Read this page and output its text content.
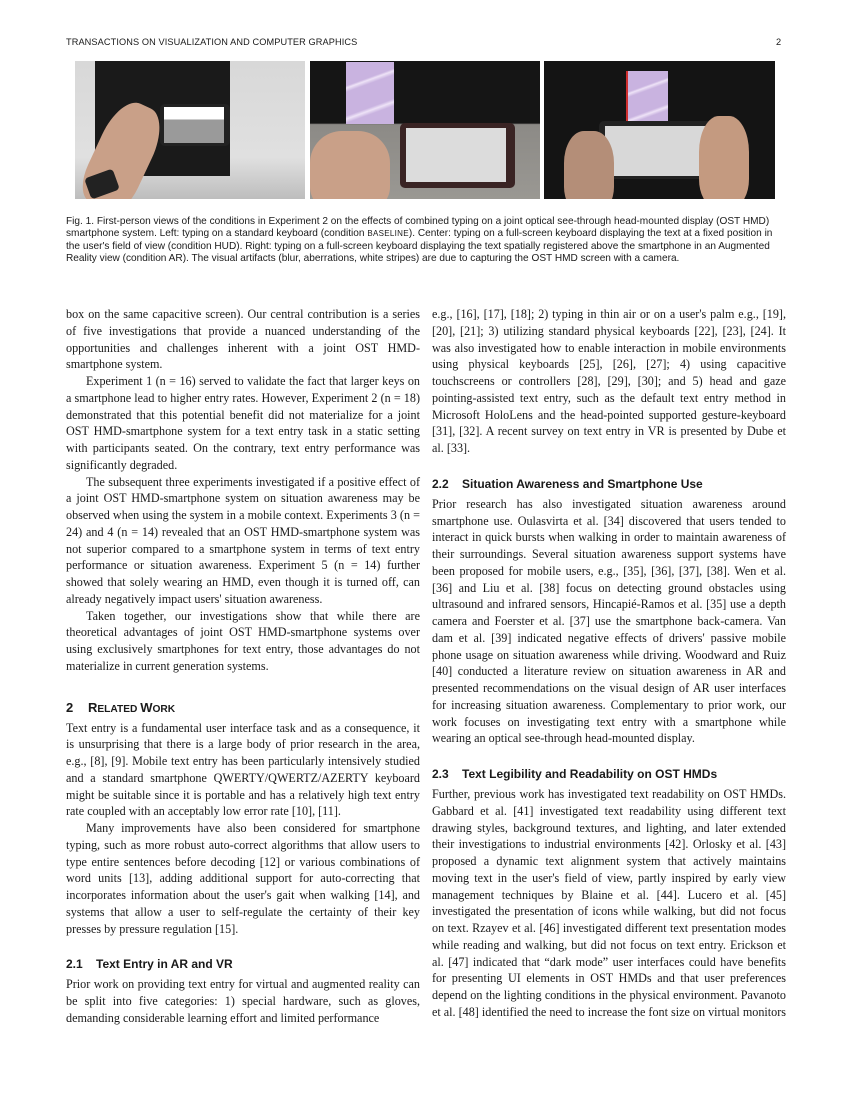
TRANSACTIONS ON VISUALIZATION AND COMPUTER GRAPHICS	2
Fig. 1. First-person views of the conditions in Experiment 2 on the effects of combined typing on a joint optical see-through head-mounted display (OST HMD) smartphone system. Left: typing on a standard keyboard (condition BASELINE). Center: typing on a full-screen keyboard displaying the text at a fixed position in the user's field of view (condition HUD). Right: typing on a full-screen keyboard displaying the text spatially registered above the smartphone in an Augmented Reality view (condition AR). The visual artifacts (blur, aberrations, white stripes) are due to capturing the OST HMD screen with a camera.

box on the same capacitive screen). Our central contribution is a series of five investigations that provide a nuanced understanding of the opportunities and challenges inherent with a joint OST HMD-smartphone system.

Experiment 1 (n = 16) served to validate the fact that larger keys on a smartphone lead to higher entry rates. However, Experiment 2 (n = 18) demonstrated that this potential benefit did not materialize for a joint OST HMD-smartphone system for a text entry task in a static setting with participants seated. On the contrary, text entry performance was significantly degraded.

The subsequent three experiments investigated if a positive effect of a joint OST HMD-smartphone system on situation awareness may be observed when using the system in a mobile context. Experiments 3 (n = 24) and 4 (n = 14) revealed that an OST HMD-smartphone system was not superior compared to a smartphone system in terms of text entry performance or situation awareness. Experiment 5 (n = 14) further showed that solely wearing an HMD, even though it is turned off, can already negatively impact users' situation awareness.

Taken together, our investigations show that while there are theoretical advantages of joint OST HMD-smartphone systems over using exclusively smartphones for text entry, those advantages do not materialize in current generation systems.

2 RELATED WORK

Text entry is a fundamental user interface task and as a consequence, it is unsurprising that there is a large body of prior research in the area, e.g., [8], [9]. Mobile text entry has been particularly intensively studied and a standard smartphone QWERTY/QWERTZ/AZERTY keyboard might be suitable since it is portable and has a relatively high text entry rate coupled with an acceptably low error rate [10], [11].

Many improvements have also been considered for smartphone typing, such as more robust auto-correct algorithms that allow users to type entire sentences before decoding [12] or various combinations of word units [13], adding additional support for auto-correcting that incorporates information about the user's gait when walking [14], and systems that allow a user to self-regulate the certainty of their key presses by pressure regulation [15].

2.1 Text Entry in AR and VR

Prior work on providing text entry for virtual and augmented reality can be split into five categories: 1) special hardware, such as gloves, demanding considerable learning effort and limited performance

e.g., [16], [17], [18]; 2) typing in thin air or on a user's palm e.g., [19], [20], [21]; 3) utilizing standard physical keyboards [22], [23], [24]. It was also investigated how to enable interaction in mobile environments using physical keyboards [25], [26], [27]; 4) using capacitive touchscreens or controllers [28], [29], [30]; and 5) head and gaze pointing-assisted text entry, such as the default text entry method in Microsoft HoloLens and the head-pointed supported gesture-keyboard [31], [32]. A recent survey on text entry in VR is presented by Dube et al. [33].

2.2 Situation Awareness and Smartphone Use

Prior research has also investigated situation awareness around smartphone use. Oulasvirta et al. [34] discovered that users tended to interact in quick bursts when walking in order to maintain awareness of their surroundings. Several situation awareness support systems have been proposed for mobile users, e.g., [35], [36], [37], [38]. Wen et al. [36] and Liu et al. [38] focus on detecting ground obstacles using ultrasound and infrared sensors, Hincapié-Ramos et al. [35] use a depth camera and Foerster et al. [37] use the smartphone back-camera. Van dam et al. [39] indicated negative effects of drivers' passive mobile phone usage on situation awareness while driving. Woodward and Ruiz [40] conducted a literature review on situation awareness in AR and presented recommendations on the visual design of AR user interfaces for increasing situation awareness. Complementary to prior work, our work focuses on investigating text entry with a smartphone while wearing an optical see-through head-mounted display.

2.3 Text Legibility and Readability on OST HMDs

Further, previous work has investigated text readability on OST HMDs. Gabbard et al. [41] investigated text readability using different text drawing styles, background textures, and lighting, and later extended their investigations to industrial environments [42]. Orlosky et al. [43] proposed a dynamic text alignment system that actively maintains moving text in the user's field of view, partly inspired by early view management techniques by Blaine et al. [44]. Lucero et al. [45] investigated the presentation of icons while walking, but did not focus on text. Rzayev et al. [46] investigated different text presentation modes while reading and walking, but did not focus on text entry. Erickson et al. [47] indicated that “dark mode” user interfaces could have benefits for presenting UI elements in OST HMDs and that user preferences depend on the lighting conditions in the physical environment. Pavanoto et al. [48] identified the need to increase the font size on virtual monitors
